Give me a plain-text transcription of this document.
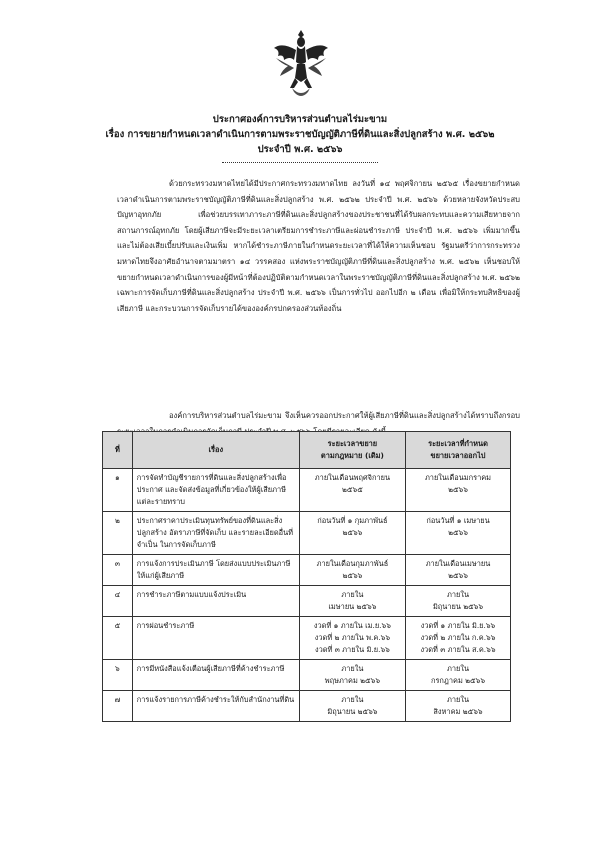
ประกาศองค์การบริหารส่วนตำบลไร่มะขาม
เรื่อง การขยายกำหนดเวลาดำเนินการตามพระราชบัญญัติภาษีที่ดินและสิ่งปลูกสร้าง พ.ศ. ๒๕๖๒
ประจำปี พ.ศ. ๒๕๖๖
ด้วยกระทรวงมหาดไทยได้มีประกาศกระทรวงมหาดไทย ลงวันที่ ๑๔ พฤศจิกายน ๒๕๖๕ เรื่องขยายกำหนดเวลาดำเนินการตามพระราชบัญญัติภาษีที่ดินและสิ่งปลูกสร้าง พ.ศ. ๒๕๖๒ ประจำปี พ.ศ. ๒๕๖๖ ด้วยหลายจังหวัดประสบปัญหาอุทกภัย เพื่อช่วยบรรเทาภาระภาษีที่ดินและสิ่งปลูกสร้างของประชาชนที่ได้รับผลกระทบและความเสียหายจากสถานการณ์อุทกภัย โดยผู้เสียภาษีจะมีระยะเวลาเตรียมการชำระภาษีและผ่อนชำระภาษี ประจำปี พ.ศ. ๒๕๖๖ เพิ่มมากขึ้น และไม่ต้องเสียเบี้ยปรับและเงินเพิ่ม หากได้ชำระภาษีภายในกำหนดระยะเวลาที่ได้ให้ความเห็นชอบ รัฐมนตรีว่าการกระทรวงมหาดไทยจึงอาศัยอำนาจตามมาตรา ๑๔ วรรคสอง แห่งพระราชบัญญัติภาษีที่ดินและสิ่งปลูกสร้าง พ.ศ. ๒๕๖๒ เห็นชอบให้ขยายกำหนดเวลาดำเนินการของผู้มีหน้าที่ต้องปฏิบัติตามกำหนดเวลาในพระราชบัญญัติภาษีที่ดินและสิ่งปลูกสร้าง พ.ศ. ๒๕๖๒ เฉพาะการจัดเก็บภาษีที่ดินและสิ่งปลูกสร้าง ประจำปี พ.ศ. ๒๕๖๖ เป็นการทั่วไป ออกไปอีก ๒ เดือน เพื่อมิให้กระทบสิทธิของผู้เสียภาษี และกระบวนการจัดเก็บรายได้ขององค์กรปกครองส่วนท้องถิ่น
องค์การบริหารส่วนตำบลไร่มะขาม จึงเห็นควรออกประกาศให้ผู้เสียภาษีที่ดินและสิ่งปลูกสร้างได้ทราบถึงกรอบ
ที่	เรื่อง	ระยะเวลาขยาย
ตามกฎหมาย (เดิม)	ระยะเวลาที่กำหนด
ขยายเวลาออกไป

๑	การจัดทำบัญชีรายการที่ดินและสิ่งปลูกสร้างเพื่อประกาศ และจัดส่งข้อมูลที่เกี่ยวข้องให้ผู้เสียภาษีแต่ละรายทราบ	ภายในเดือนพฤศจิกายน
๒๕๖๕	ภายในเดือนมกราคม
๒๕๖๖

๒	ประกาศราคาประเมินทุนทรัพย์ของที่ดินและสิ่งปลูกสร้าง อัตราภาษีที่จัดเก็บ และรายละเอียดอื่นที่จำเป็น ในการจัดเก็บภาษี	ก่อนวันที่ ๑ กุมภาพันธ์
๒๕๖๖	ก่อนวันที่ ๑ เมษายน
๒๕๖๖

๓	การแจ้งการประเมินภาษี โดยส่งแบบประเมินภาษีให้แก่ผู้เสียภาษี	ภายในเดือนกุมภาพันธ์
๒๕๖๖	ภายในเดือนเมษายน
๒๕๖๖

๔	การชำระภาษีตามแบบแจ้งประเมิน	ภายใน
เมษายน ๒๕๖๖	ภายใน
มิถุนายน ๒๕๖๖

๕	การผ่อนชำระภาษี	งวดที่ ๑ ภายใน เม.ย.๖๖
งวดที่ ๒ ภายใน พ.ค.๖๖
งวดที่ ๓ ภายใน มิ.ย.๖๖	งวดที่ ๑ ภายใน มิ.ย.๖๖
งวดที่ ๒ ภายใน ก.ค.๖๖
งวดที่ ๓ ภายใน ส.ค.๖๖

๖	การมีหนังสือแจ้งเตือนผู้เสียภาษีที่ค้างชำระภาษี	ภายใน
พฤษภาคม ๒๕๖๖	ภายใน
กรกฎาคม ๒๕๖๖

๗	การแจ้งรายการภาษีค้างชำระให้กับสำนักงานที่ดิน	ภายใน
มิถุนายน ๒๕๖๖	ภายใน
สิงหาคม ๒๕๖๖
